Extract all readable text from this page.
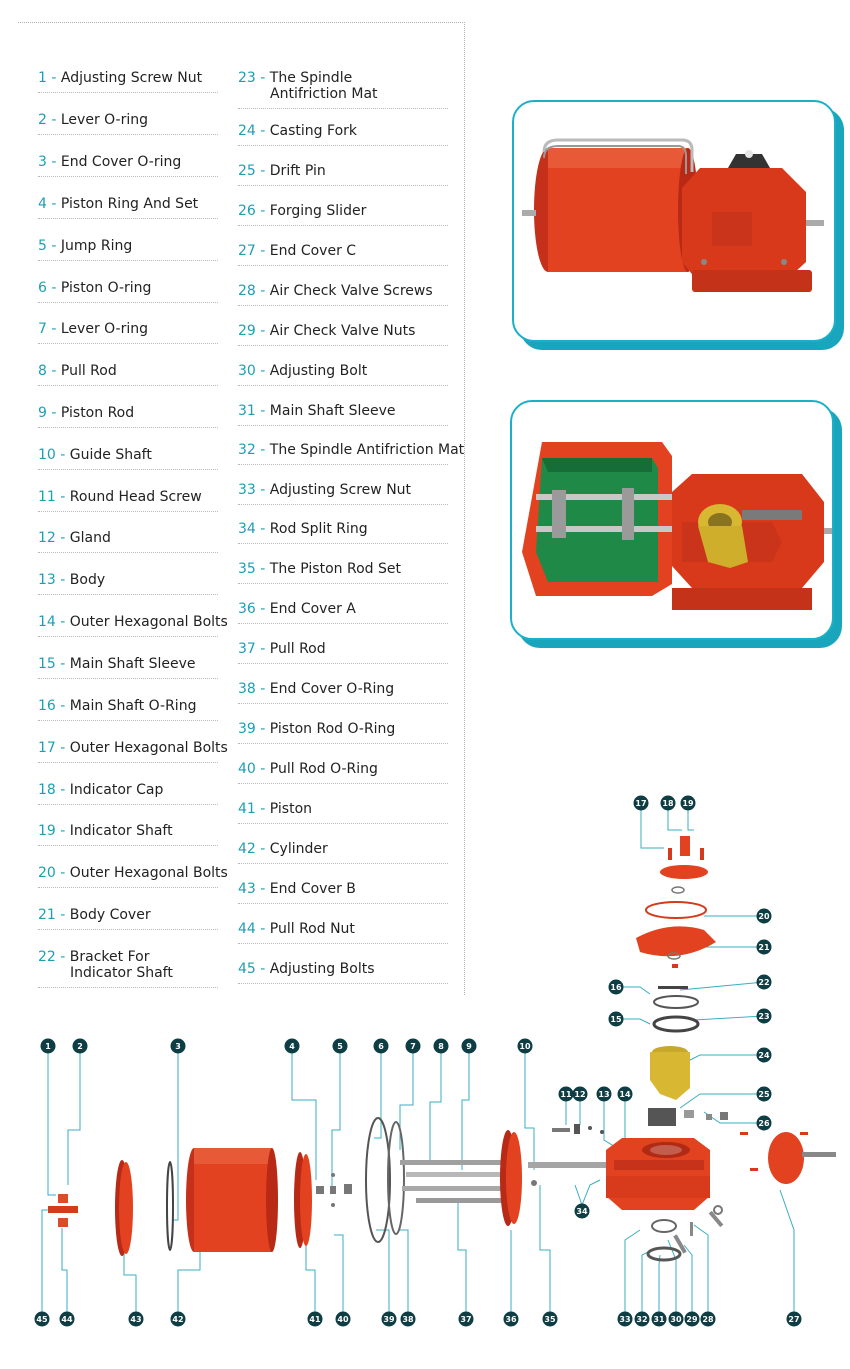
1 - Adjusting Screw Nut
2 - Lever O-ring
3 - End Cover O-ring
4 - Piston Ring And Set
5 - Jump Ring
6 - Piston O-ring
7 - Lever O-ring
8 - Pull Rod
9 - Piston Rod
10 - Guide Shaft
11 - Round Head Screw
12 - Gland
13 - Body
14 - Outer Hexagonal Bolts
15 - Main Shaft Sleeve
16 - Main Shaft O-Ring
17 - Outer Hexagonal Bolts
18 - Indicator Cap
19 - Indicator Shaft
20 - Outer Hexagonal Bolts
21 - Body Cover
22 - Bracket For
Indicator Shaft
23 - The Spindle
Antifriction Mat
24 - Casting Fork
25 - Drift Pin
26 - Forging Slider
27 - End Cover C
28 - Air Check Valve Screws
29 - Air Check Valve Nuts
30 - Adjusting Bolt
31 - Main Shaft Sleeve
32 - The Spindle Antifriction Mat
33 - Adjusting Screw Nut
34 - Rod Split Ring
35 - The Piston Rod Set
36 - End Cover A
37 - Pull Rod
38 - End Cover O-Ring
39 - Piston Rod O-Ring
40 - Pull Rod O-Ring
41 - Piston
42 - Cylinder
43 - End Cover B
44 - Pull Rod Nut
45 - Adjusting Bolts
1	2	3	4	5	6	7	8	9	10
45 44	43	42	41 40	39 38	37	36	35	33 32 31 30 29 28	27
11 12 13 14
34
17 18 19
16
15
20
21
22
23
24
25
26
